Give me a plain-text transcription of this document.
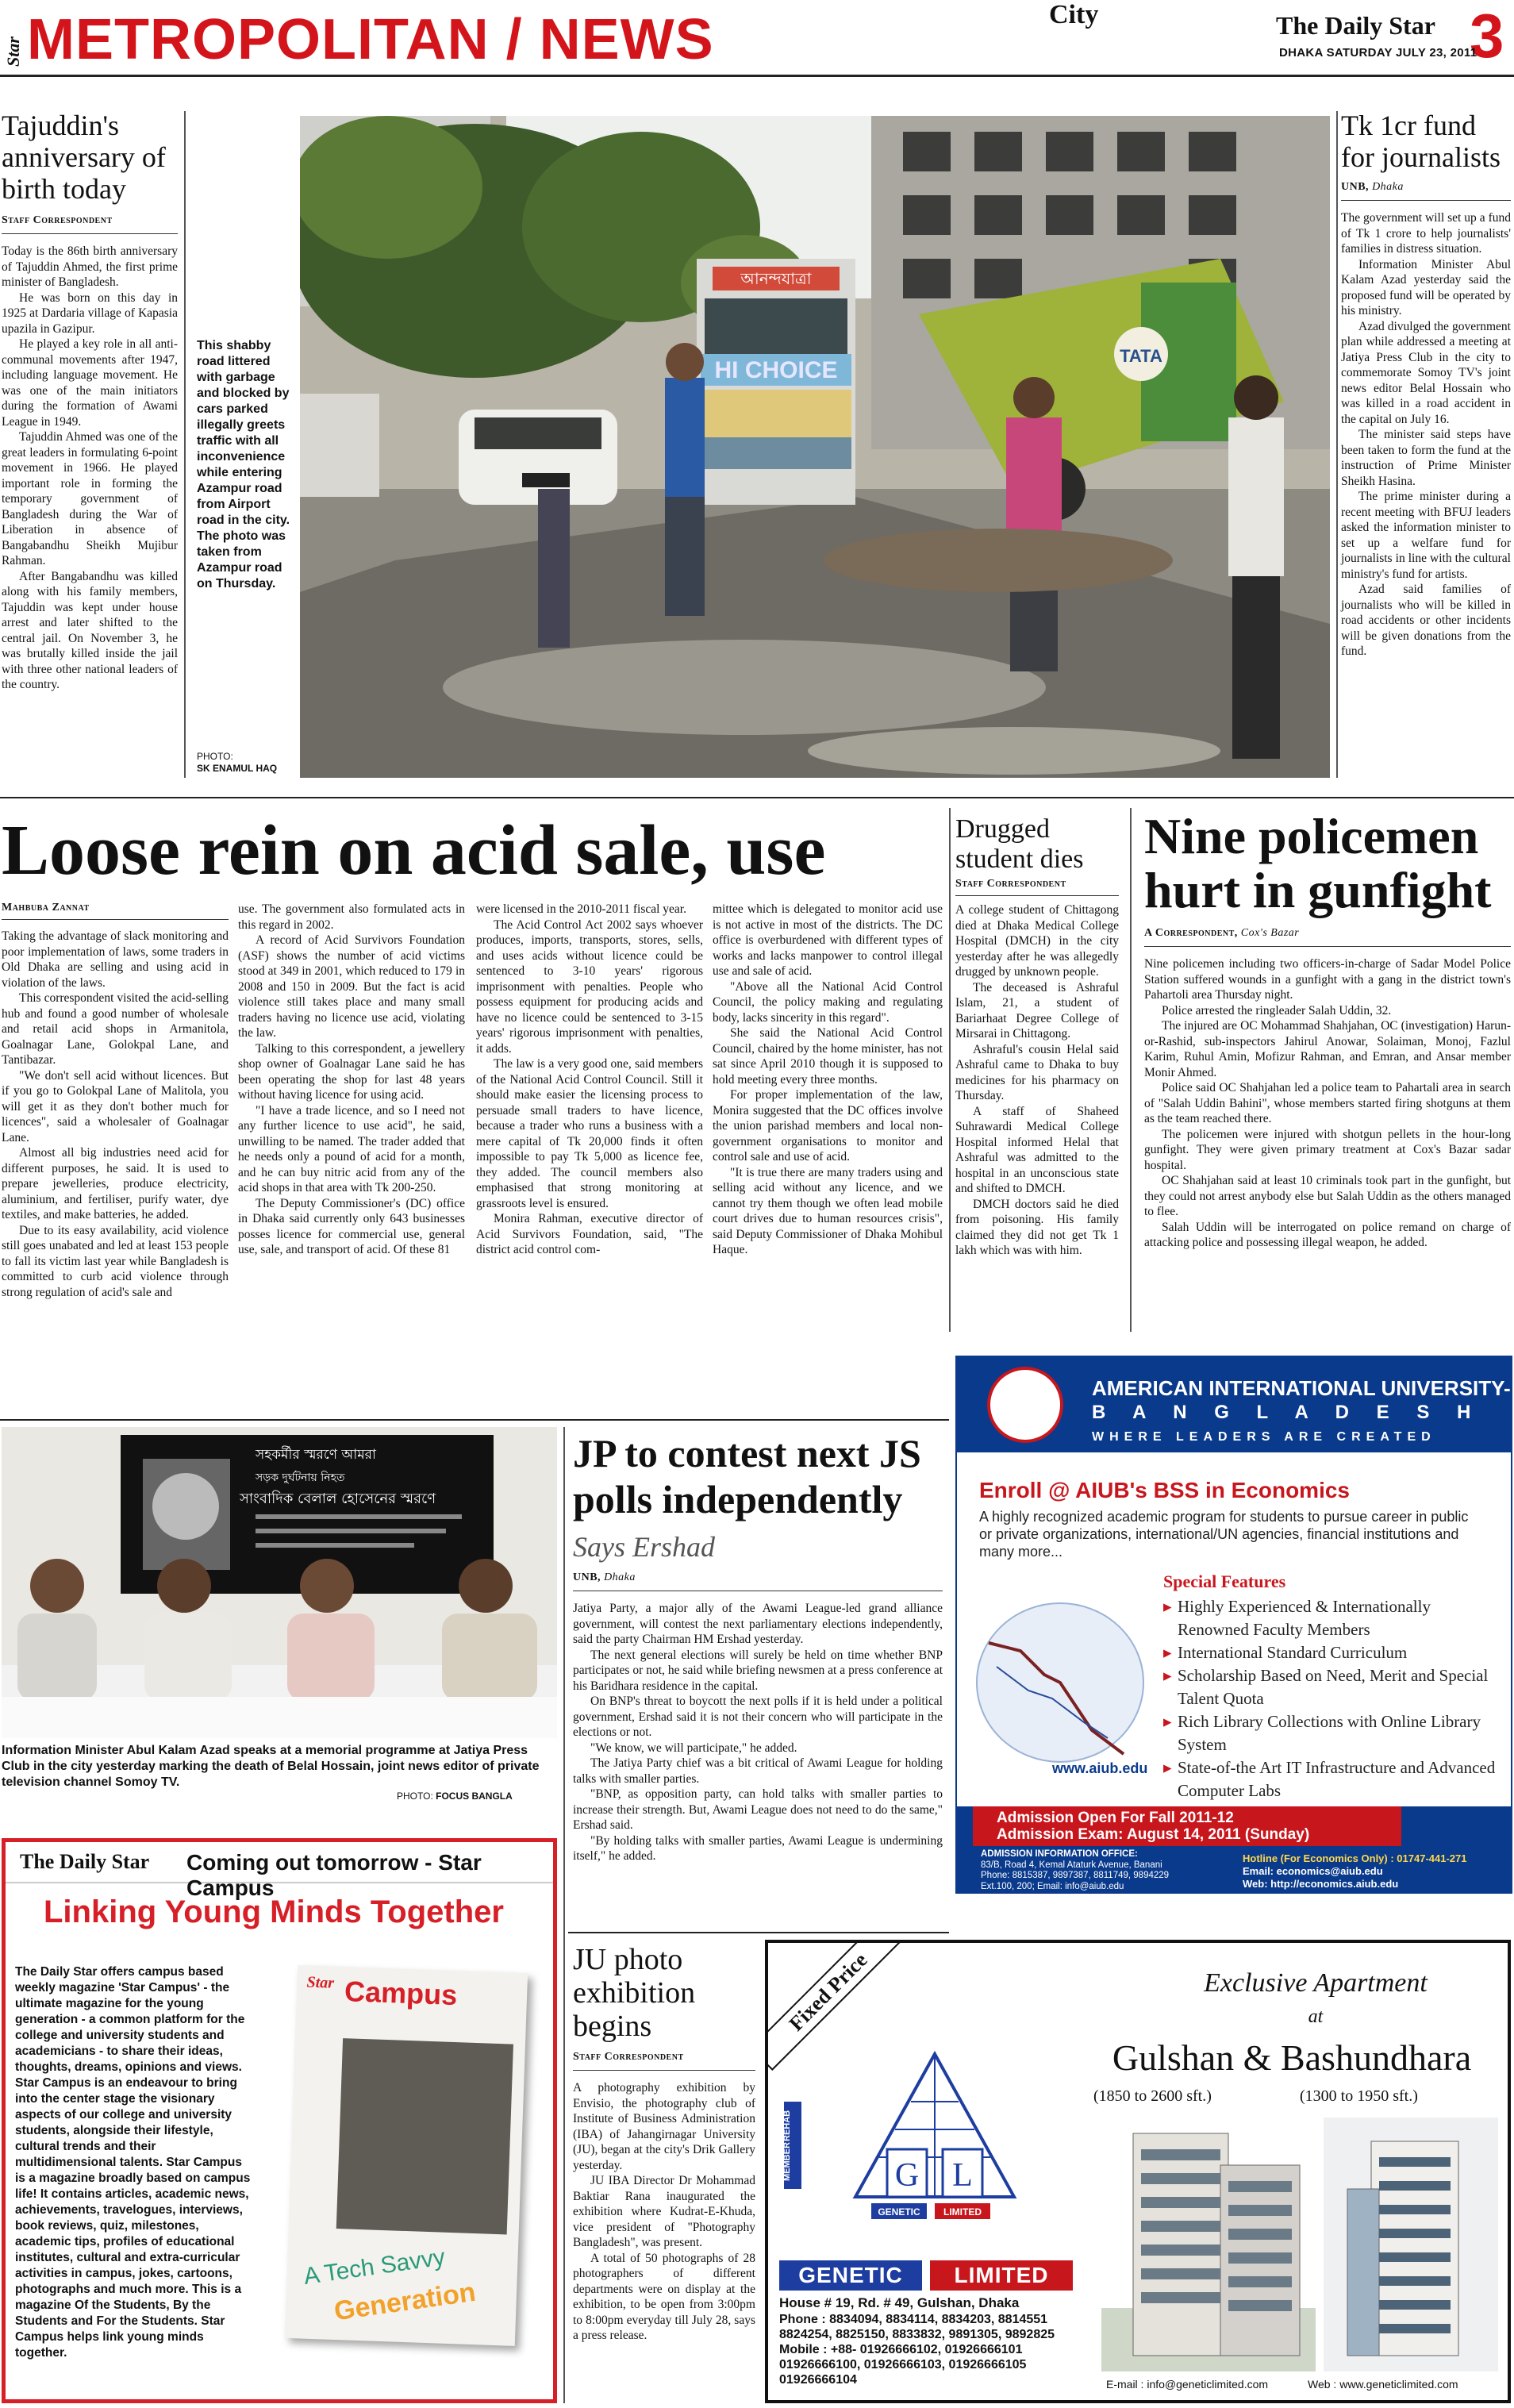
Star METROPOLITAN / NEWS	City	The Daily Star 3
DHAKA SATURDAY JULY 23, 2011
Tajuddin's anniversary of birth today
Staff Correspondent

Today is the 86th birth anniversary of Tajuddin Ahmed, the first prime minister of Bangladesh.

He was born on this day in 1925 at Dardaria village of Kapasia upazila in Gazipur.

He played a key role in all anti-communal movements after 1947, including language movement. He was one of the main initiators during the formation of Awami League in 1949.

Tajuddin Ahmed was one of the great leaders in formulating 6-point movement in 1966. He played important role in forming the temporary government of Bangladesh during the War of Liberation in absence of Bangabandhu Sheikh Mujibur Rahman.

After Bangabandhu was killed along with his family members, Tajuddin was kept under house arrest and later shifted to the central jail. On November 3, he was brutally killed inside the jail with three other national leaders of the country.

This shabby road littered with garbage and blocked by cars parked illegally greets traffic with all inconvenience while entering Azampur road from Airport road in the city. The photo was taken from Azampur road on Thursday.
PHOTO:
SK ENAMUL HAQ
আনন্দযাত্রা
HI CHOICE
TATA
Tk 1cr fund for journalists
UNB, Dhaka

The government will set up a fund of Tk 1 crore to help journalists' families in distress situation.

Information Minister Abul Kalam Azad yesterday said the proposed fund will be operated by his ministry.

Azad divulged the government plan while addressed a meeting at Jatiya Press Club in the city to commemorate Somoy TV's joint news editor Belal Hossain who was killed in a road accident in the capital on July 16.

The minister said steps have been taken to form the fund at the instruction of Prime Minister Sheikh Hasina.

The prime minister during a recent meeting with BFUJ leaders asked the information minister to set up a welfare fund for journalists in line with the cultural ministry's fund for artists.

Azad said families of journalists who will be killed in road accidents or other incidents will be given donations from the fund.

Loose rein on acid sale, use
Mahbuba Zannat

Taking the advantage of slack monitoring and poor implementation of laws, some traders in Old Dhaka are selling and using acid in violation of the laws.

This correspondent visited the acid-selling hub and found a good number of wholesale and retail acid shops in Armanitola, Goalnagar Lane, Golokpal Lane, and Tantibazar.

"We don't sell acid without licences. But if you go to Golokpal Lane of Malitola, you will get it as they don't bother much for licences", said a wholesaler of Goalnagar Lane.

Almost all big industries need acid for different purposes, he said. It is used to prepare jewelleries, produce electricity, aluminium, and fertiliser, purify water, dye textiles, and make batteries, he added.

Due to its easy availability, acid violence still goes unabated and led at least 153 people to fall its victim last year while Bangladesh is committed to curb acid violence through strong regulation of acid's sale and

use. The government also formulated acts in this regard in 2002.

A record of Acid Survivors Foundation (ASF) shows the number of acid victims stood at 349 in 2001, which reduced to 179 in 2008 and 150 in 2009. But the fact is acid violence still takes place and many small traders having no licence use acid, violating the law.

Talking to this correspondent, a jewellery shop owner of Goalnagar Lane said he has been operating the shop for last 48 years without having licence for using acid.

"I have a trade licence, and so I need not any further licence to use acid", he said, unwilling to be named. The trader added that he needs only a pound of acid for a month, and he can buy nitric acid from any of the acid shops in that area with Tk 200-250.

The Deputy Commissioner's (DC) office in Dhaka said currently only 643 businesses posses licence for commercial use, general use, sale, and transport of acid. Of these 81

were licensed in the 2010-2011 fiscal year.

The Acid Control Act 2002 says whoever produces, imports, transports, stores, sells, and uses acids without licence could be sentenced to 3-10 years' rigorous imprisonment with penalties. People who possess equipment for producing acids and have no licence could be sentenced to 3-15 years' rigorous imprisonment with penalties, it adds.

The law is a very good one, said members of the National Acid Control Council. Still it should make easier the licensing process to persuade small traders to have licence, because a trader who runs a business with a mere capital of Tk 20,000 finds it often impossible to pay Tk 5,000 as licence fee, they added. The council members also emphasised that strong monitoring at grassroots level is ensured.

Monira Rahman, executive director of Acid Survivors Foundation, said, "The district acid control com-

mittee which is delegated to monitor acid use is not active in most of the districts. The DC office is overburdened with different types of works and lacks manpower to control illegal use and sale of acid.

"Above all the National Acid Control Council, the policy making and regulating body, lacks sincerity in this regard".

She said the National Acid Control Council, chaired by the home minister, has not sat since April 2010 though it is supposed to hold meeting every three months.

For proper implementation of the law, Monira suggested that the DC offices involve the union parishad members and local non-government organisations to monitor and control sale and use of acid.

"It is true there are many traders using and selling acid without any licence, and we cannot try them though we often lead mobile court drives due to human resources crisis", said Deputy Commissioner of Dhaka Mohibul Haque.

Drugged student dies
Staff Correspondent

A college student of Chittagong died at Dhaka Medical College Hospital (DMCH) in the city yesterday after he was allegedly drugged by unknown people.

The deceased is Ashraful Islam, 21, a student of Bariarhaat Degree College of Mirsarai in Chittagong.

Ashraful's cousin Helal said Ashraful came to Dhaka to buy medicines for his pharmacy on Thursday.

A staff of Shaheed Suhrawardi Medical College Hospital informed Helal that Ashraful was admitted to the hospital in an unconscious state and shifted to DMCH.

DMCH doctors said he died from poisoning. His family claimed they did not get Tk 1 lakh which was with him.

Nine policemen hurt in gunfight
A Correspondent, Cox's Bazar

Nine policemen including two officers-in-charge of Sadar Model Police Station suffered wounds in a gunfight with a gang in the district town's Pahartoli area Thursday night.

Police arrested the ringleader Salah Uddin, 32.

The injured are OC Mohammad Shahjahan, OC (investigation) Harun-or-Rashid, sub-inspectors Jahirul Anowar, Solaiman, Monoj, Fazlul Karim, Ruhul Amin, Mofizur Rahman, and Emran, and Ansar member Monir Ahmed.

Police said OC Shahjahan led a police team to Pahartali area in search of "Salah Uddin Bahini", whose members started firing shotguns at them as the team reached there.

The policemen were injured with shotgun pellets in the hour-long gunfight. They were given primary treatment at Cox's Bazar sadar hospital.

OC Shahjahan said at least 10 criminals took part in the gunfight, but they could not arrest anybody else but Salah Uddin as the others managed to flee.

Salah Uddin will be interrogated on police remand on charge of attacking police and possessing illegal weapon, he added.

AMERICAN INTERNATIONAL UNIVERSITY-
B A N G L A D E S H
WHERE LEADERS ARE CREATED
Enroll @ AIUB's BSS in Economics
A highly recognized academic program for students to pursue career in public or private organizations, international/UN agencies, financial institutions and many more...
www.aiub.edu
Special Features
▸ Highly Experienced & Internationally Renowned Faculty Members
▸ International Standard Curriculum
▸ Scholarship Based on Need, Merit and Special Talent Quota
▸ Rich Library Collections with Online Library System
▸ State-of-the Art IT Infrastructure and Advanced Computer Labs
Admission Open For Fall 2011-12
Admission Exam: August 14, 2011 (Sunday)
ADMISSION INFORMATION OFFICE:
83/B, Road 4, Kemal Ataturk Avenue, Banani
Phone: 8815387, 9897387, 8811749, 9894229
Ext.100, 200; Email: info@aiub.edu
Hotline (For Economics Only) : 01747-441-271
Email: economics@aiub.edu
Web: http://economics.aiub.edu
সহকর্মীর স্মরণে আমরা
সড়ক দুর্ঘটনায় নিহত
সাংবাদিক বেলাল হোসেনের স্মরণে
Information Minister Abul Kalam Azad speaks at a memorial programme at Jatiya Press Club in the city yesterday marking the death of Belal Hossain, joint news editor of private television channel Somoy TV.
PHOTO: FOCUS BANGLA
JP to contest next JS polls independently
Says Ershad
UNB, Dhaka

Jatiya Party, a major ally of the Awami League-led grand alliance government, will contest the next parliamentary elections independently, said the party Chairman HM Ershad yesterday.

The next general elections will surely be held on time whether BNP participates or not, he said while briefing newsmen at a press conference at his Baridhara residence in the capital.

On BNP's threat to boycott the next polls if it is held under a political government, Ershad said it is not their concern who will participate in the elections or not.

"We know, we will participate," he added.

The Jatiya Party chief was a bit critical of Awami League for holding talks with smaller parties.

"BNP, as opposition party, can hold talks with smaller parties to increase their strength. But, Awami League does not need to do the same," Ershad said.

"By holding talks with smaller parties, Awami League is undermining itself," he added.

The Daily Star Coming out tomorrow - Star Campus
Linking Young Minds Together
The Daily Star offers campus based weekly magazine 'Star Campus' - the ultimate magazine for the young generation - a common platform for the college and university students and academicians - to share their ideas, thoughts, dreams, opinions and views. Star Campus is an endeavour to bring into the center stage the visionary aspects of our college and university students, alongside their lifestyle, cultural trends and their multidimensional talents. Star Campus is a magazine broadly based on campus life! It contains articles, academic news, achievements, travelogues, interviews, book reviews, quiz, milestones, academic tips, profiles of educational institutes, cultural and extra-curricular activities in campus, jokes, cartoons, photographs and much more. This is a magazine Of the Students, By the Students and For the Students. Star Campus helps link young minds together.
Star Campus
A Tech Savvy
Generation
JU photo exhibition begins
Staff Correspondent

A photography exhibition by Envisio, the photography club of Institute of Business Administration (IBA) of Jahangirnagar University (JU), began at the city's Drik Gallery yesterday.

JU IBA Director Dr Mohammad Baktiar Rana inaugurated the exhibition where Kudrat-E-Khuda, vice president of "Photography Bangladesh", was present.

A total of 50 photographs of 28 photographers of different departments were on display at the exhibition, to be open from 3:00pm to 8:00pm everyday till July 28, says a press release.

Fixed Price	Exclusive Apartment
at
Gulshan & Bashundhara
(1850 to 2600 sft.)	(1300 to 1950 sft.)
G L
GENETIC LIMITED
MEMBER
REHAB
GENETIC	LIMITED
House # 19, Rd. # 49, Gulshan, Dhaka
Phone : 8834094, 8834114, 8834203, 8814551
8824254, 8825150, 8833832, 9891305, 9892825
Mobile : +88- 01926666102, 01926666101
01926666100, 01926666103, 01926666105
01926666104	E-mail : info@geneticlimited.com	Web : www.geneticlimited.com
